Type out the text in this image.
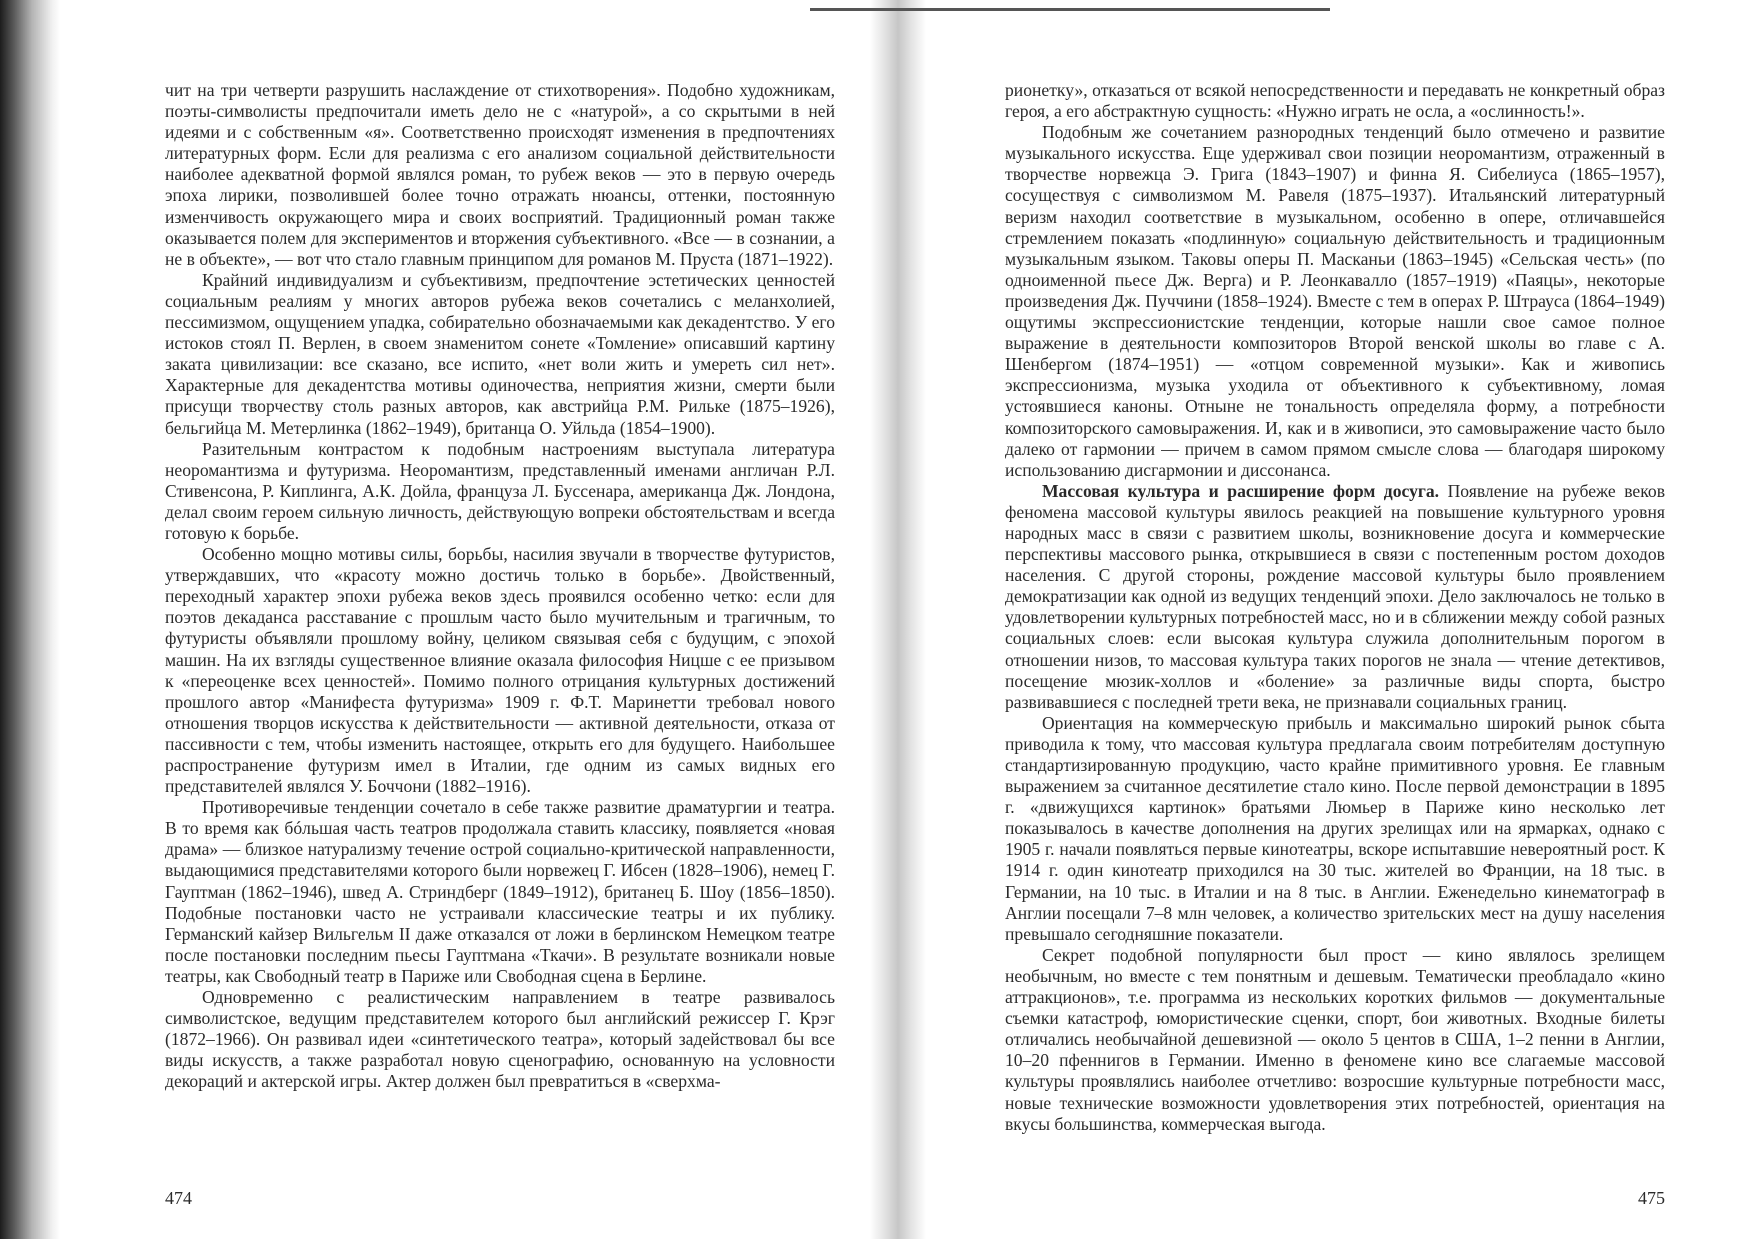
чит на три четверти разрушить наслаждение от стихотворения». Подобно художникам, поэты-символисты предпочитали иметь дело не с «натурой», а со скрытыми в ней идеями и с собственным «я». Соответственно происходят изменения в предпочтениях литературных форм. Если для реализма с его анализом социальной действительности наиболее адекватной формой являлся роман, то рубеж веков — это в первую очередь эпоха лирики, позволившей более точно отражать нюансы, оттенки, постоянную изменчивость окружающего мира и своих восприятий. Традиционный роман также оказывается полем для экспериментов и вторжения субъективного. «Все — в сознании, а не в объекте», — вот что стало главным принципом для романов М. Пруста (1871–1922).

Крайний индивидуализм и субъективизм, предпочтение эстетических ценностей социальным реалиям у многих авторов рубежа веков сочетались с меланхолией, пессимизмом, ощущением упадка, собирательно обозначаемыми как декадентство. У его истоков стоял П. Верлен, в своем знаменитом сонете «Томление» описавший картину заката цивилизации: все сказано, все испито, «нет воли жить и умереть сил нет». Характерные для декадентства мотивы одиночества, неприятия жизни, смерти были присущи творчеству столь разных авторов, как австрийца Р.М. Рильке (1875–1926), бельгийца М. Метерлинка (1862–1949), британца О. Уйльда (1854–1900).

Разительным контрастом к подобным настроениям выступала литература неоромантизма и футуризма. Неоромантизм, представленный именами англичан Р.Л. Стивенсона, Р. Киплинга, А.К. Дойла, француза Л. Буссенара, американца Дж. Лондона, делал своим героем сильную личность, действующую вопреки обстоятельствам и всегда готовую к борьбе.

Особенно мощно мотивы силы, борьбы, насилия звучали в творчестве футуристов, утверждавших, что «красоту можно достичь только в борьбе». Двойственный, переходный характер эпохи рубежа веков здесь проявился особенно четко: если для поэтов декаданса расставание с прошлым часто было мучительным и трагичным, то футуристы объявляли прошлому войну, целиком связывая себя с будущим, с эпохой машин. На их взгляды существенное влияние оказала философия Ницше с ее призывом к «переоценке всех ценностей». Помимо полного отрицания культурных достижений прошлого автор «Манифеста футуризма» 1909 г. Ф.Т. Маринетти требовал нового отношения творцов искусства к действительности — активной деятельности, отказа от пассивности с тем, чтобы изменить настоящее, открыть его для будущего. Наибольшее распространение футуризм имел в Италии, где одним из самых видных его представителей являлся У. Боччони (1882–1916).

Противоречивые тенденции сочетало в себе также развитие драматургии и театра. В то время как бóльшая часть театров продолжала ставить классику, появляется «новая драма» — близкое натурализму течение острой социально-критической направленности, выдающимися представителями которого были норвежец Г. Ибсен (1828–1906), немец Г. Гауптман (1862–1946), швед А. Стриндберг (1849–1912), британец Б. Шоу (1856–1850). Подобные постановки часто не устраивали классические театры и их публику. Германский кайзер Вильгельм II даже отказался от ложи в берлинском Немецком театре после постановки последним пьесы Гауптмана «Ткачи». В результате возникали новые театры, как Свободный театр в Париже или Свободная сцена в Берлине.

Одновременно с реалистическим направлением в театре развивалось символистское, ведущим представителем которого был английский режиссер Г. Крэг (1872–1966). Он развивал идеи «синтетического театра», который задействовал бы все виды искусств, а также разработал новую сценографию, основанную на условности декораций и актерской игры. Актер должен был превратиться в «сверхма-

474

рионетку», отказаться от всякой непосредственности и передавать не конкретный образ героя, а его абстрактную сущность: «Нужно играть не осла, а «ослинность!».

Подобным же сочетанием разнородных тенденций было отмечено и развитие музыкального искусства. Еще удерживал свои позиции неоромантизм, отраженный в творчестве норвежца Э. Грига (1843–1907) и финна Я. Сибелиуса (1865–1957), сосуществуя с символизмом М. Равеля (1875–1937). Итальянский литературный веризм находил соответствие в музыкальном, особенно в опере, отличавшейся стремлением показать «подлинную» социальную действительность и традиционным музыкальным языком. Таковы оперы П. Масканьи (1863–1945) «Сельская честь» (по одноименной пьесе Дж. Верга) и Р. Леонкавалло (1857–1919) «Паяцы», некоторые произведения Дж. Пуччини (1858–1924). Вместе с тем в операх Р. Штрауса (1864–1949) ощутимы экспрессионистские тенденции, которые нашли свое самое полное выражение в деятельности композиторов Второй венской школы во главе с А. Шенбергом (1874–1951) — «отцом современной музыки». Как и живопись экспрессионизма, музыка уходила от объективного к субъективному, ломая устоявшиеся каноны. Отныне не тональность определяла форму, а потребности композиторского самовыражения. И, как и в живописи, это самовыражение часто было далеко от гармонии — причем в самом прямом смысле слова — благодаря широкому использованию дисгармонии и диссонанса.

Массовая культура и расширение форм досуга. Появление на рубеже веков феномена массовой культуры явилось реакцией на повышение культурного уровня народных масс в связи с развитием школы, возникновение досуга и коммерческие перспективы массового рынка, открывшиеся в связи с постепенным ростом доходов населения. С другой стороны, рождение массовой культуры было проявлением демократизации как одной из ведущих тенденций эпохи. Дело заключалось не только в удовлетворении культурных потребностей масс, но и в сближении между собой разных социальных слоев: если высокая культура служила дополнительным порогом в отношении низов, то массовая культура таких порогов не знала — чтение детективов, посещение мюзик-холлов и «боление» за различные виды спорта, быстро развивавшиеся с последней трети века, не признавали социальных границ.

Ориентация на коммерческую прибыль и максимально широкий рынок сбыта приводила к тому, что массовая культура предлагала своим потребителям доступную стандартизированную продукцию, часто крайне примитивного уровня. Ее главным выражением за считанное десятилетие стало кино. После первой демонстрации в 1895 г. «движущихся картинок» братьями Люмьер в Париже кино несколько лет показывалось в качестве дополнения на других зрелищах или на ярмарках, однако с 1905 г. начали появляться первые кинотеатры, вскоре испытавшие невероятный рост. К 1914 г. один кинотеатр приходился на 30 тыс. жителей во Франции, на 18 тыс. в Германии, на 10 тыс. в Италии и на 8 тыс. в Англии. Еженедельно кинематограф в Англии посещали 7–8 млн человек, а количество зрительских мест на душу населения превышало сегодняшние показатели.

Секрет подобной популярности был прост — кино являлось зрелищем необычным, но вместе с тем понятным и дешевым. Тематически преобладало «кино аттракционов», т.е. программа из нескольких коротких фильмов — документальные съемки катастроф, юмористические сценки, спорт, бои животных. Входные билеты отличались необычайной дешевизной — около 5 центов в США, 1–2 пенни в Англии, 10–20 пфеннигов в Германии. Именно в феномене кино все слагаемые массовой культуры проявлялись наиболее отчетливо: возросшие культурные потребности масс, новые технические возможности удовлетворения этих потребностей, ориентация на вкусы большинства, коммерческая выгода.

475
